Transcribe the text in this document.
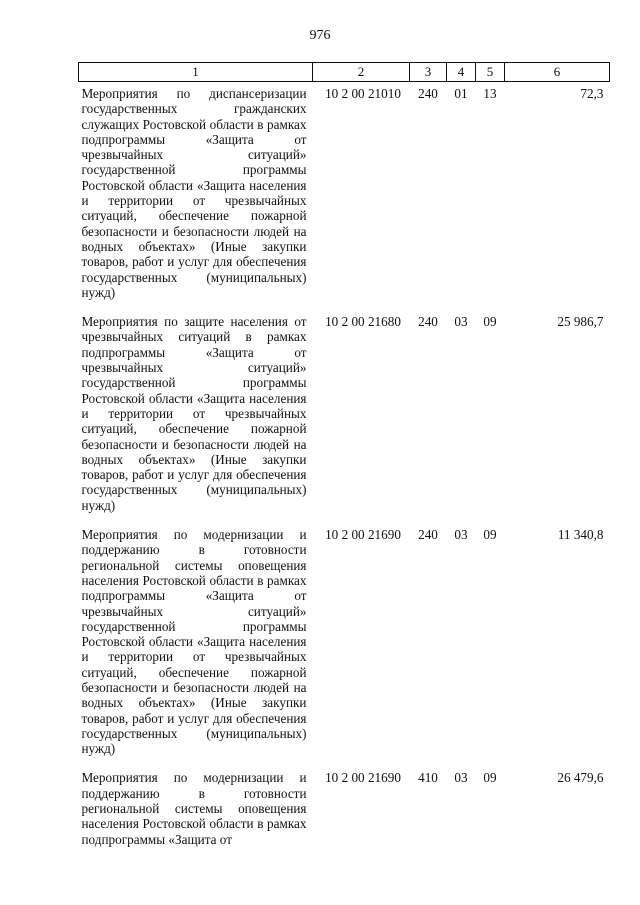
976
1	2	3	4	5	6
Мероприятия по диспансеризации государственных гражданских служащих Ростовской области в рамках подпрограммы «Защита от чрезвычайных ситуаций» государственной программы Ростовской области «Защита населения и территории от чрезвычайных ситуаций, обеспечение пожарной безопасности и безопасности людей на водных объектах» (Иные закупки товаров, работ и услуг для обеспечения государственных (муниципальных) нужд)	10 2 00 21010	240	01	13	72,3
Мероприятия по защите населения от чрезвычайных ситуаций в рамках подпрограммы «Защита от чрезвычайных ситуаций» государственной программы Ростовской области «Защита населения и территории от чрезвычайных ситуаций, обеспечение пожарной безопасности и безопасности людей на водных объектах» (Иные закупки товаров, работ и услуг для обеспечения государственных (муниципальных) нужд)	10 2 00 21680	240	03	09	25 986,7
Мероприятия по модернизации и поддержанию в готовности региональной системы оповещения населения Ростовской области в рамках подпрограммы «Защита от чрезвычайных ситуаций» государственной программы Ростовской области «Защита населения и территории от чрезвычайных ситуаций, обеспечение пожарной безопасности и безопасности людей на водных объектах» (Иные закупки товаров, работ и услуг для обеспечения государственных (муниципальных) нужд)	10 2 00 21690	240	03	09	11 340,8
Мероприятия по модернизации и поддержанию в готовности региональной системы оповещения населения Ростовской области в рамках подпрограммы «Защита от	10 2 00 21690	410	03	09	26 479,6
